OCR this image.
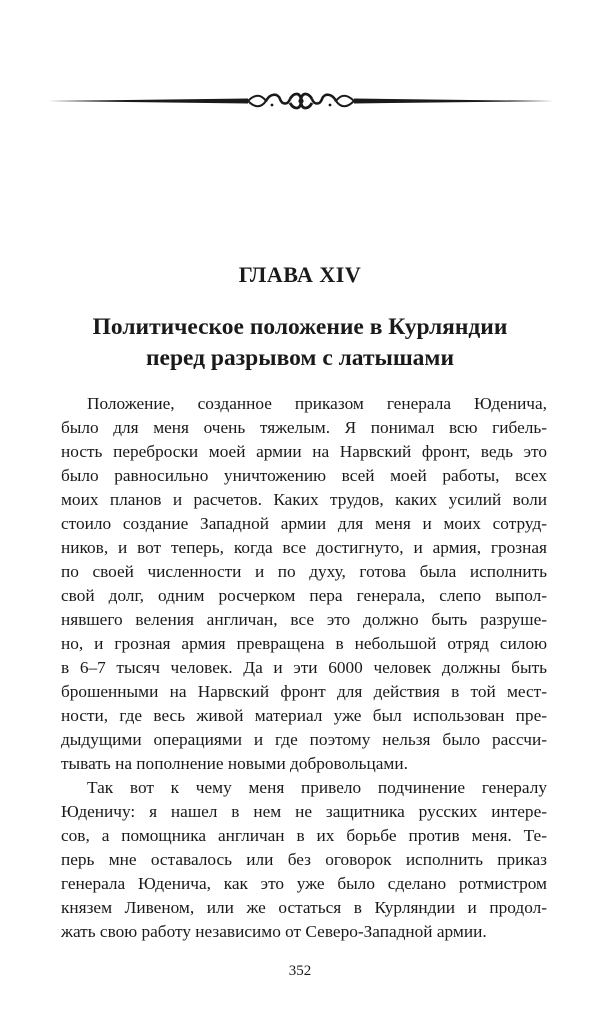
ГЛАВА XIV
Политическое положение в Курляндии
перед разрывом с латышами
Положение, созданное приказом генерала Юденича,
было для меня очень тяжелым. Я понимал всю гибель-
ность переброски моей армии на Нарвский фронт, ведь это
было равносильно уничтожению всей моей работы, всех
моих планов и расчетов. Каких трудов, каких усилий воли
стоило создание Западной армии для меня и моих сотруд-
ников, и вот теперь, когда все достигнуто, и армия, грозная
по своей численности и по духу, готова была исполнить
свой долг, одним росчерком пера генерала, слепо выпол-
нявшего веления англичан, все это должно быть разруше-
но, и грозная армия превращена в небольшой отряд силою
в 6–7 тысяч человек. Да и эти 6000 человек должны быть
брошенными на Нарвский фронт для действия в той мест-
ности, где весь живой материал уже был использован пре-
дыдущими операциями и где поэтому нельзя было рассчи-
тывать на пополнение новыми добровольцами.
Так вот к чему меня привело подчинение генералу
Юденичу: я нашел в нем не защитника русских интере-
сов, а помощника англичан в их борьбе против меня. Те-
перь мне оставалось или без оговорок исполнить приказ
генерала Юденича, как это уже было сделано ротмистром
князем Ливеном, или же остаться в Курляндии и продол-
жать свою работу независимо от Северо-Западной армии.
352
